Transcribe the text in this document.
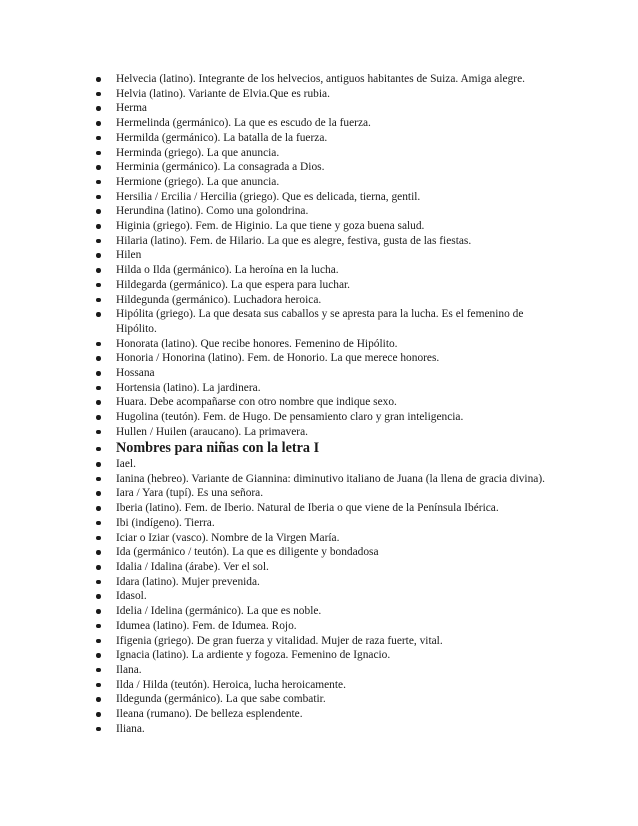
Helvecia (latino). Integrante de los helvecios, antiguos habitantes de Suiza. Amiga alegre.
Helvia (latino). Variante de Elvia.Que es rubia.
Herma
Hermelinda (germánico). La que es escudo de la fuerza.
Hermilda (germánico). La batalla de la fuerza.
Herminda (griego). La que anuncia.
Herminia (germánico). La consagrada a Dios.
Hermione (griego). La que anuncia.
Hersilia / Ercilia / Hercilia (griego). Que es delicada, tierna, gentil.
Herundina (latino). Como una golondrina.
Higinia (griego). Fem. de Higinio. La que tiene y goza buena salud.
Hilaria (latino). Fem. de Hilario. La que es alegre, festiva, gusta de las fiestas.
Hilen
Hilda o Ilda (germánico). La heroína en la lucha.
Hildegarda (germánico). La que espera para luchar.
Hildegunda (germánico). Luchadora heroica.
Hipólita (griego). La que desata sus caballos y se apresta para la lucha. Es el femenino de Hipólito.
Honorata (latino). Que recibe honores. Femenino de Hipólito.
Honoria / Honorina (latino). Fem. de Honorio. La que merece honores.
Hossana
Hortensia (latino). La jardinera.
Huara. Debe acompañarse con otro nombre que indique sexo.
Hugolina (teutón). Fem. de Hugo. De pensamiento claro y gran inteligencia.
Hullen / Huilen (araucano). La primavera.
Nombres para niñas con la letra I
Iael.
Ianina (hebreo). Variante de Giannina: diminutivo italiano de Juana (la llena de gracia divina).
Iara / Yara (tupí). Es una señora.
Iberia (latino). Fem. de Iberio. Natural de Iberia o que viene de la Península Ibérica.
Ibi (indígeno). Tierra.
Iciar o Iziar (vasco). Nombre de la Virgen María.
Ida (germánico / teutón). La que es diligente y bondadosa
Idalia / Idalina (árabe). Ver el sol.
Idara (latino). Mujer prevenida.
Idasol.
Idelia / Idelina (germánico). La que es noble.
Idumea (latino). Fem. de Idumea. Rojo.
Ifigenia (griego). De gran fuerza y vitalidad. Mujer de raza fuerte, vital.
Ignacia (latino). La ardiente y fogoza. Femenino de Ignacio.
Ilana.
Ilda / Hilda (teutón). Heroica, lucha heroicamente.
Ildegunda (germánico). La que sabe combatir.
Ileana (rumano). De belleza esplendente.
Iliana.
